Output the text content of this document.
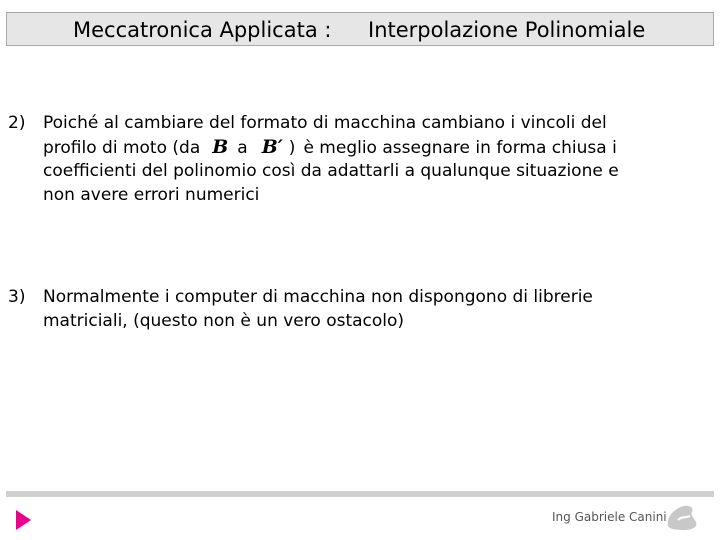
Meccatronica Applicata : Interpolazione Polinomiale
2) Poiché al cambiare del formato di macchina cambiano i vincoli del
profilo di moto (da B a B′ ) è meglio assegnare in forma chiusa i
coefficienti del polinomio così da adattarli a qualunque situazione e
non avere errori numerici
3) Normalmente i computer di macchina non dispongono di librerie
matriciali, (questo non è un vero ostacolo)
Ing Gabriele Canini
